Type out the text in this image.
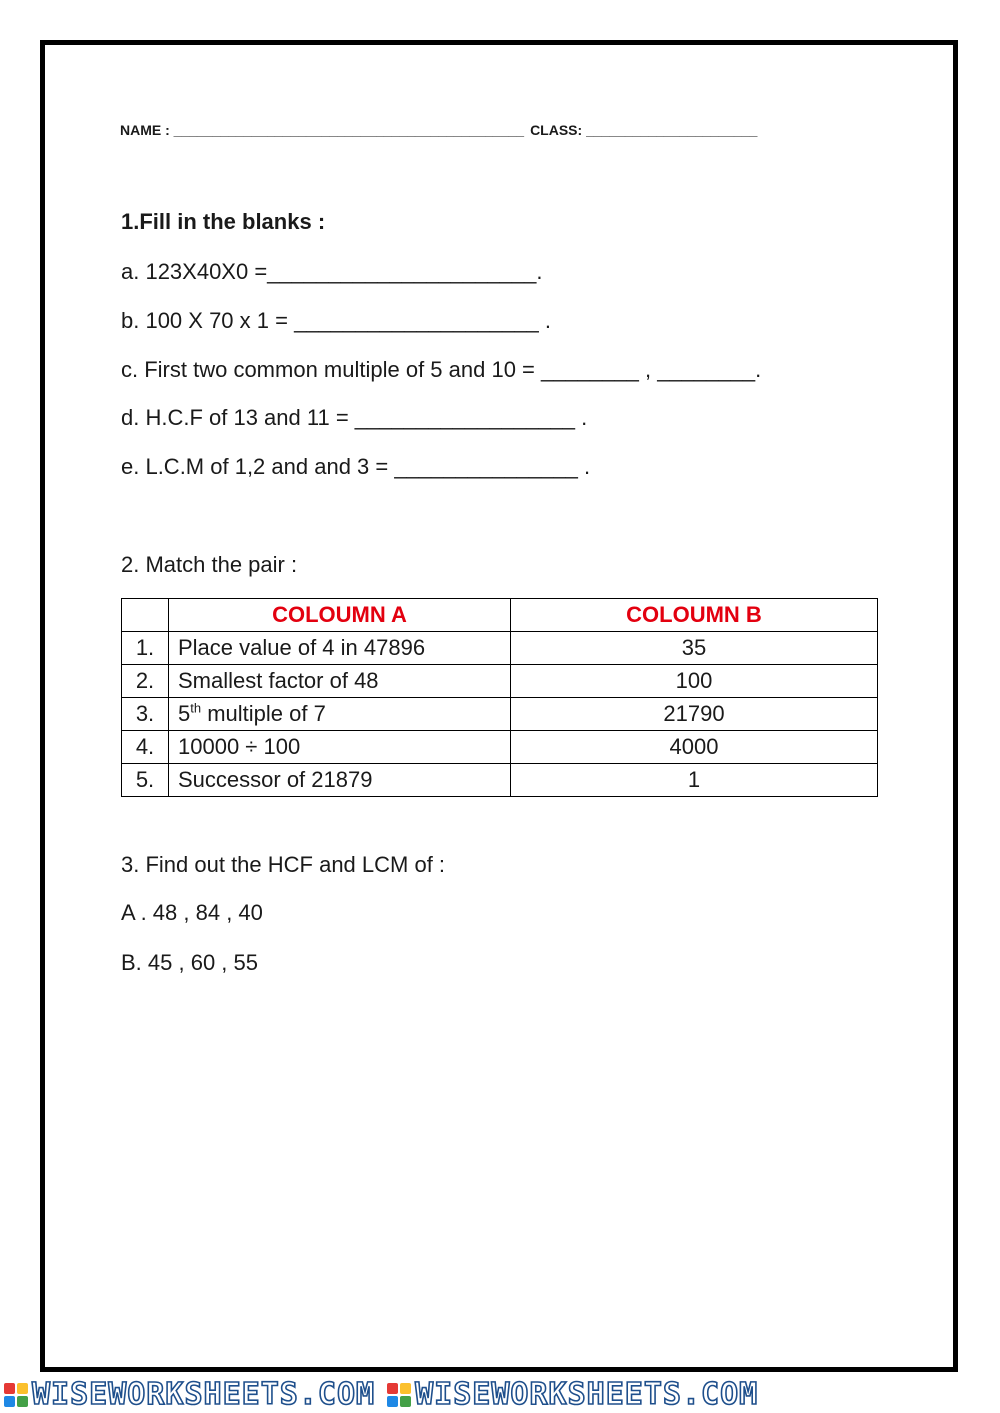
NAME : _____________________________________________ CLASS: ______________________
1.Fill in the blanks :
a. 123X40X0 =______________________.
b. 100 X 70 x 1 = ____________________ .
c. First two common multiple of 5 and 10 = ________ , ________.
d. H.C.F of 13 and 11 = __________________ .
e. L.C.M of 1,2 and and 3 = _______________ .
2. Match the pair :
	COLOUMN A	COLOUMN B
1.	Place value of 4 in 47896	35
2.	Smallest factor of 48	100
3.	5th multiple of 7	21790
4.	10000 ÷ 100	4000
5.	Successor of 21879	1
3. Find out the HCF and LCM of :
A . 48 , 84 , 40
B. 45 , 60 , 55
WISEWORKSHEETS.COM WISEWORKSHEETS.COM
